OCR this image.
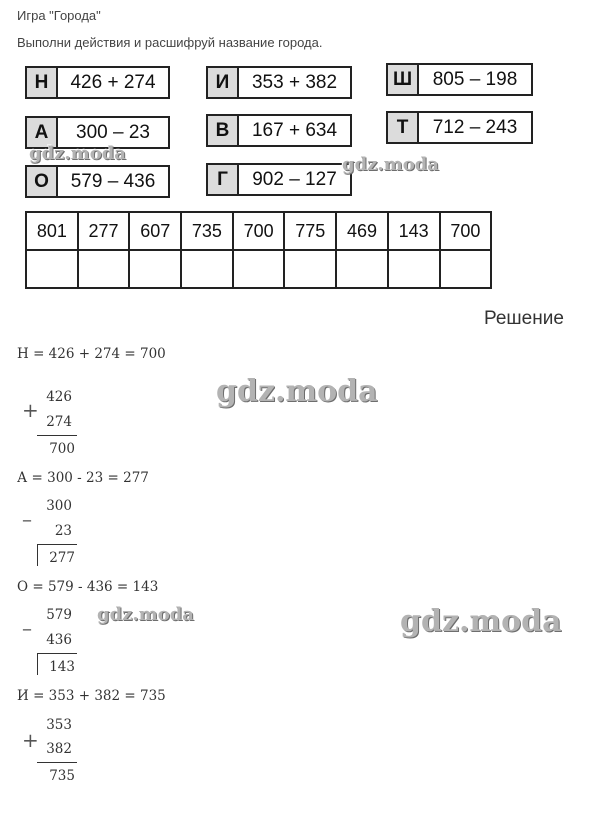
Игра "Города"
Выполни действия и расшифруй название города.
Н	426 + 274	И	353 + 382	Ш	805 – 198
А	300 – 23	В	167 + 634	Т	712 – 243
О	579 – 436	Г	902 – 127
801	277	607	735	700	775	469	143	700

Решение
Н = 426 + 274 = 700
+
426
274
700
А = 300 - 23 = 277
–
300
23
277
О = 579 - 436 = 143
–
579
436
143
И = 353 + 382 = 735
+
353
382
735
gdz.moda
gdz.moda
gdz.moda
gdz.moda	gdz.moda
